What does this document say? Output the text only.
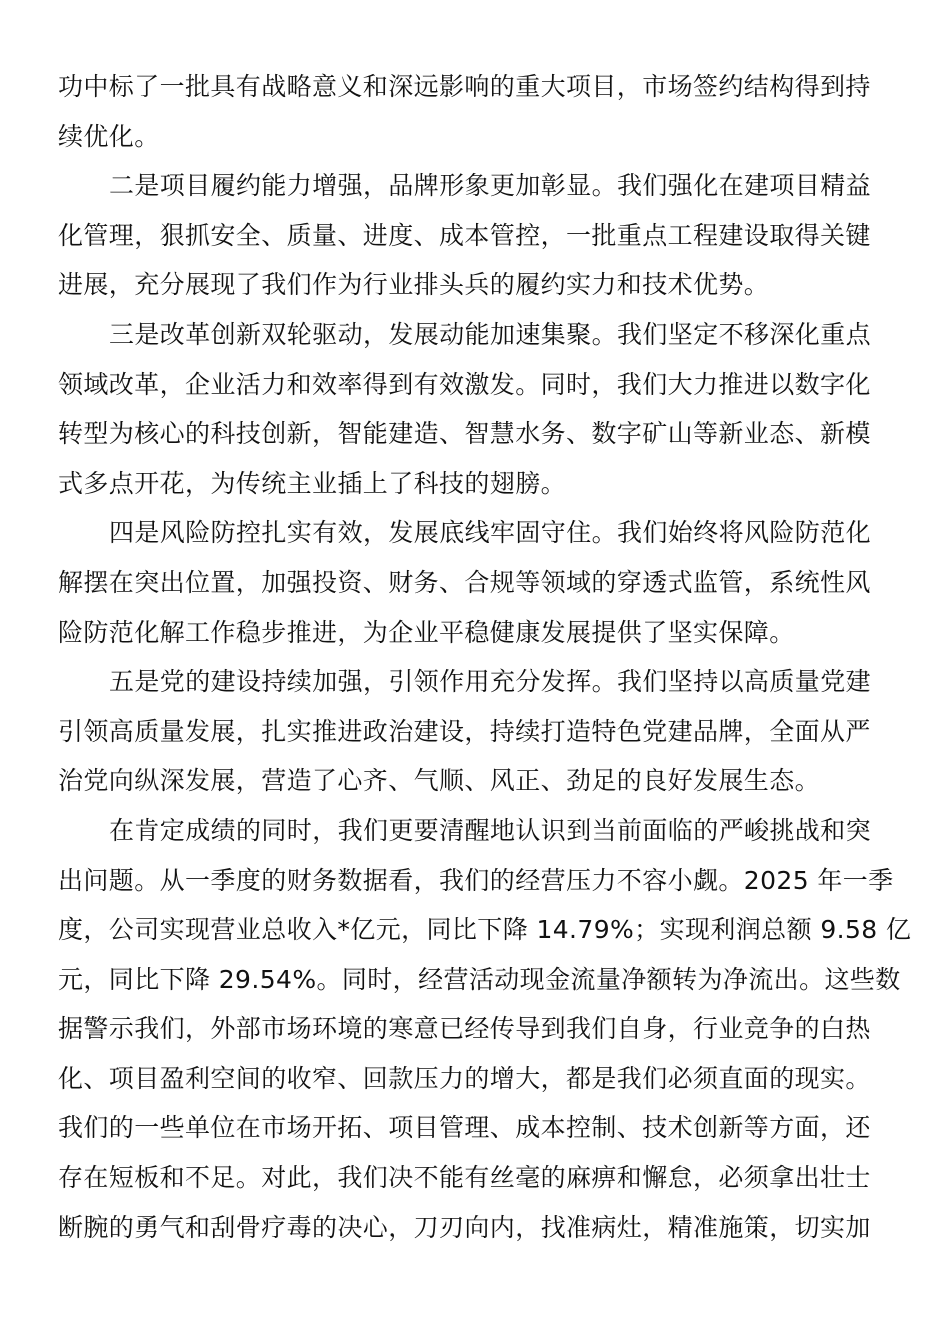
功中标了一批具有战略意义和深远影响的重大项目，市场签约结构得到持
续优化。
二是项目履约能力增强，品牌形象更加彰显。我们强化在建项目精益
化管理，狠抓安全、质量、进度、成本管控，一批重点工程建设取得关键
进展，充分展现了我们作为行业排头兵的履约实力和技术优势。
三是改革创新双轮驱动，发展动能加速集聚。我们坚定不移深化重点
领域改革，企业活力和效率得到有效激发。同时，我们大力推进以数字化
转型为核心的科技创新，智能建造、智慧水务、数字矿山等新业态、新模
式多点开花，为传统主业插上了科技的翅膀。
四是风险防控扎实有效，发展底线牢固守住。我们始终将风险防范化
解摆在突出位置，加强投资、财务、合规等领域的穿透式监管，系统性风
险防范化解工作稳步推进，为企业平稳健康发展提供了坚实保障。
五是党的建设持续加强，引领作用充分发挥。我们坚持以高质量党建
引领高质量发展，扎实推进政治建设，持续打造特色党建品牌，全面从严
治党向纵深发展，营造了心齐、气顺、风正、劲足的良好发展生态。
在肯定成绩的同时，我们更要清醒地认识到当前面临的严峻挑战和突
出问题。从一季度的财务数据看，我们的经营压力不容小觑。2025 年一季
度，公司实现营业总收入*亿元，同比下降 14.79%；实现利润总额 9.58 亿
元，同比下降 29.54%。同时，经营活动现金流量净额转为净流出。这些数
据警示我们，外部市场环境的寒意已经传导到我们自身，行业竞争的白热
化、项目盈利空间的收窄、回款压力的增大，都是我们必须直面的现实。
我们的一些单位在市场开拓、项目管理、成本控制、技术创新等方面，还
存在短板和不足。对此，我们决不能有丝毫的麻痹和懈怠，必须拿出壮士
断腕的勇气和刮骨疗毒的决心，刀刃向内，找准病灶，精准施策，切实加
